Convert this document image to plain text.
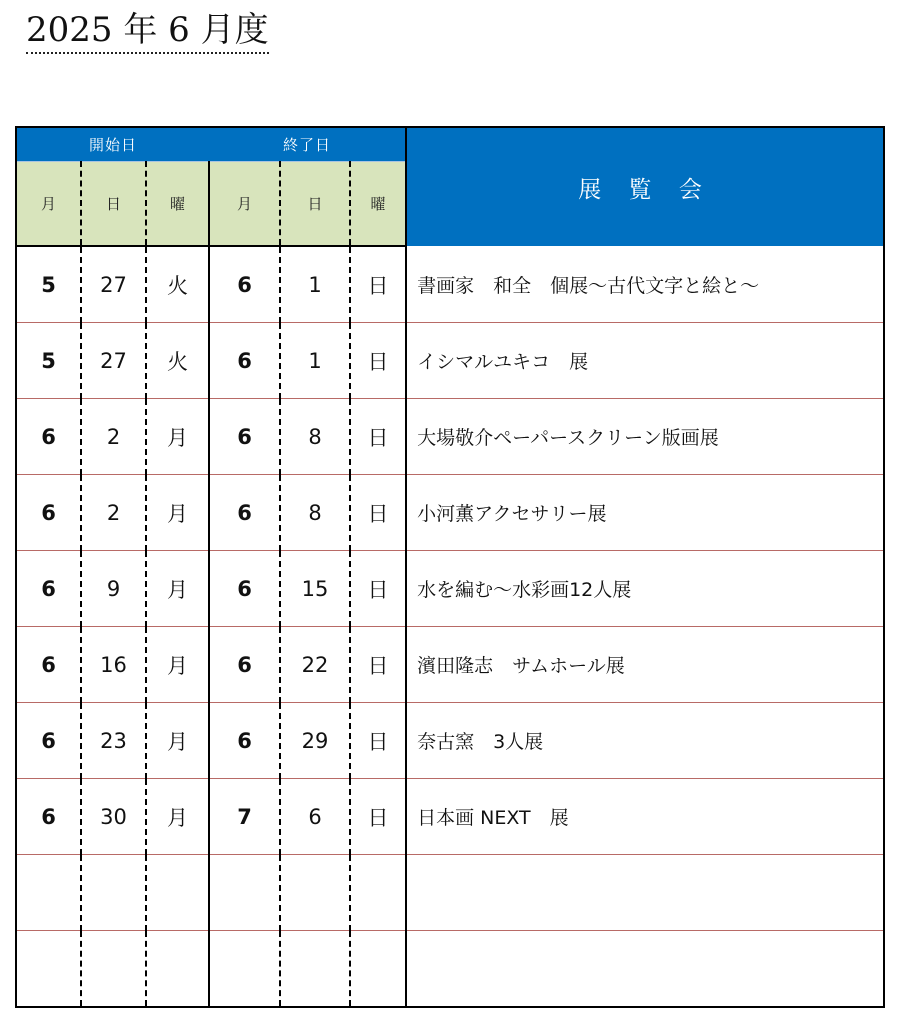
2025 年 6 月度
開始日			終了日			展 覧 会
月	日	曜	月	日	曜	
5	27	火	6	1	日	書画家　和全　個展～古代文字と絵と～
5	27	火	6	1	日	イシマルユキコ　展
6	2	月	6	8	日	大場敬介ペーパースクリーン版画展
6	2	月	6	8	日	小河薫アクセサリー展
6	9	月	6	15	日	水を編む～水彩画12人展
6	16	月	6	22	日	濱田隆志　サムホール展
6	23	月	6	29	日	奈古窯　3人展
6	30	月	7	6	日	日本画 NEXT　展
